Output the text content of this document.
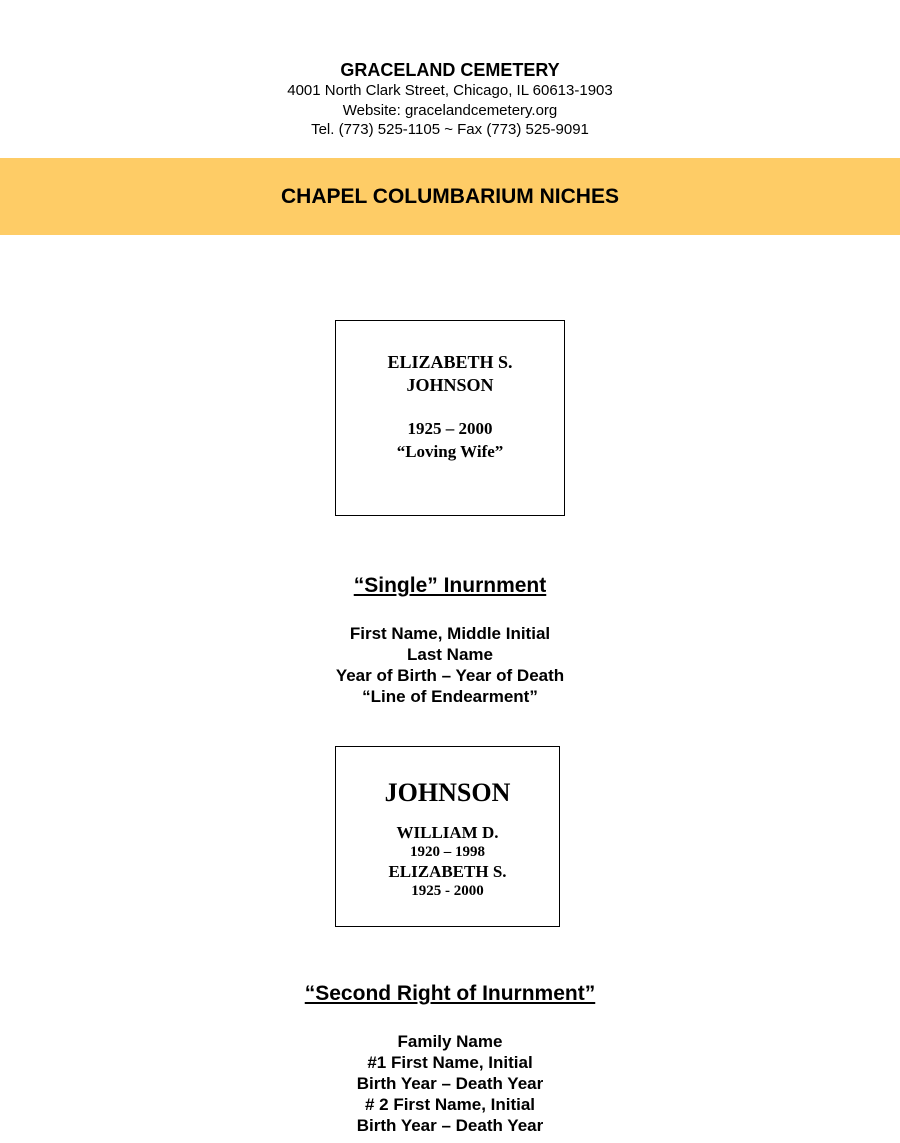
GRACELAND CEMETERY
4001 North Clark Street, Chicago, IL 60613-1903
Website: gracelandcemetery.org
Tel. (773) 525-1105 ~ Fax (773) 525-9091
CHAPEL COLUMBARIUM NICHES
ELIZABETH S.
JOHNSON
1925 – 2000
“Loving Wife”
“Single” Inurnment
First Name, Middle Initial
Last Name
Year of Birth – Year of Death
“Line of Endearment”
JOHNSON
WILLIAM D.
1920 – 1998
ELIZABETH S.
1925 - 2000
“Second Right of Inurnment”
Family Name
#1 First Name, Initial
Birth Year – Death Year
# 2 First Name, Initial
Birth Year – Death Year
